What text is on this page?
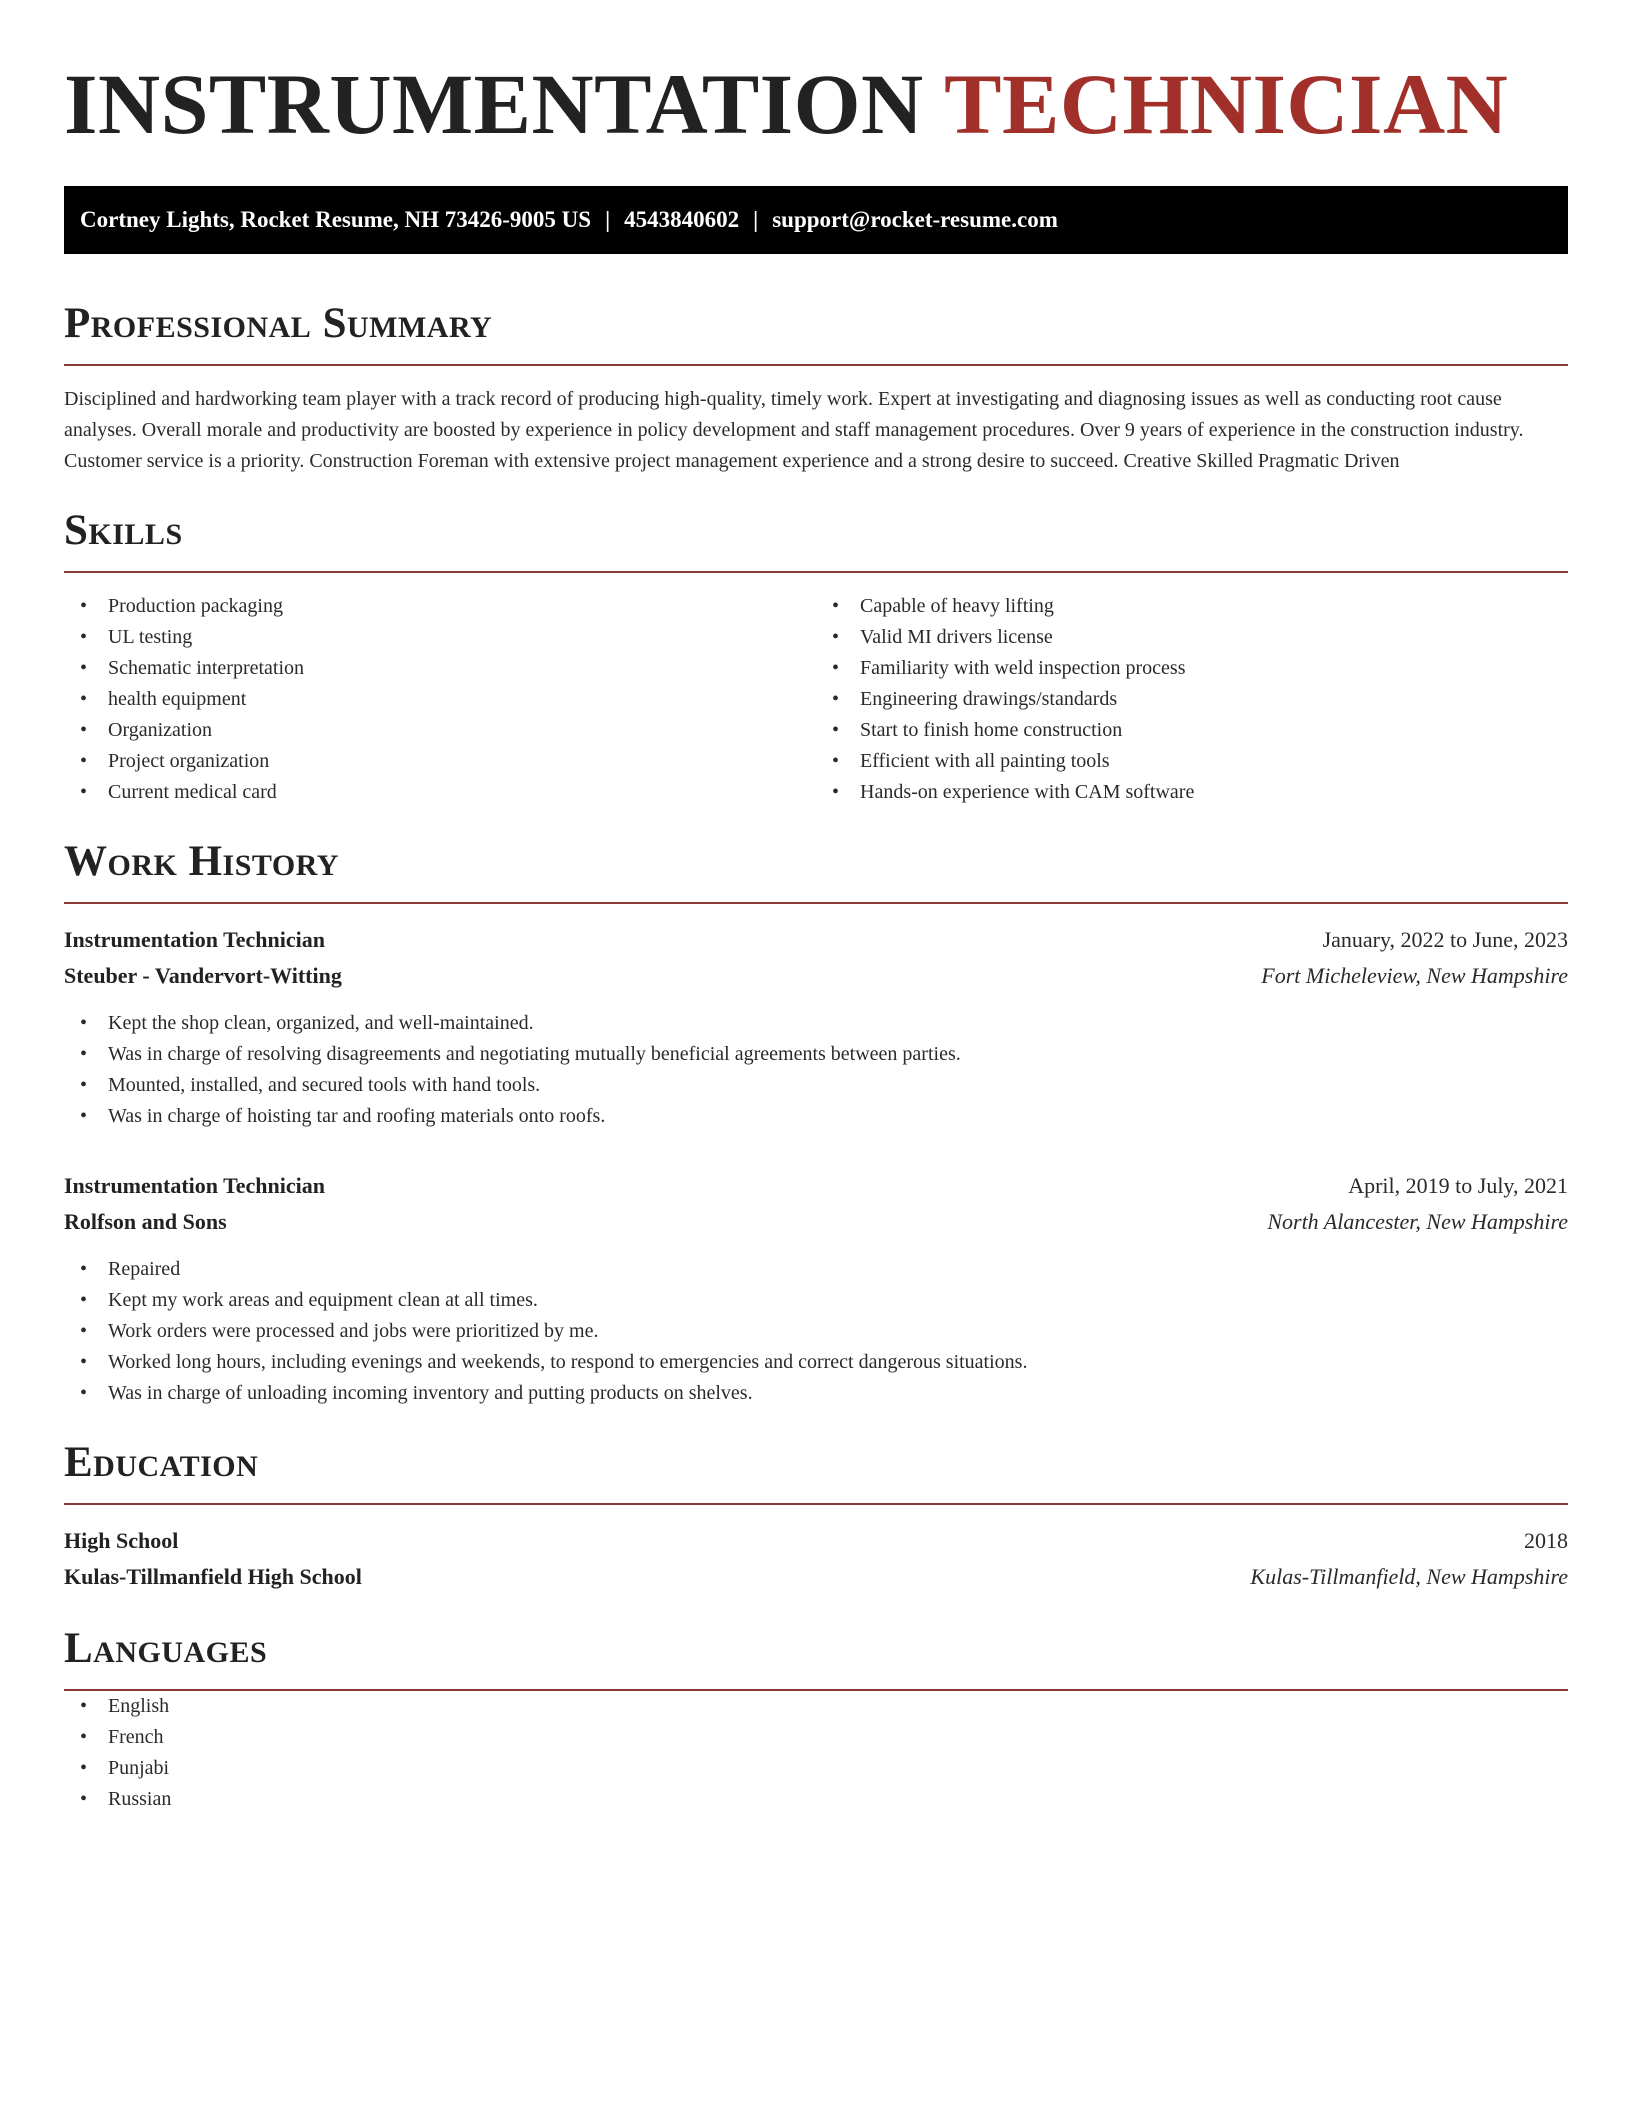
INSTRUMENTATION TECHNICIAN
Cortney Lights, Rocket Resume, NH 73426-9005 US | 4543840602 | support@rocket-resume.com
Professional Summary

Disciplined and hardworking team player with a track record of producing high-quality, timely work. Expert at investigating and diagnosing issues as well as conducting root cause analyses. Overall morale and productivity are boosted by experience in policy development and staff management procedures. Over 9 years of experience in the construction industry. Customer service is a priority. Construction Foreman with extensive project management experience and a strong desire to succeed. Creative Skilled Pragmatic Driven

Skills
• Production packaging
• UL testing
• Schematic interpretation
• health equipment
• Organization
• Project organization
• Current medical card
• Capable of heavy lifting
• Valid MI drivers license
• Familiarity with weld inspection process
• Engineering drawings/standards
• Start to finish home construction
• Efficient with all painting tools
• Hands-on experience with CAM software
Work History
Instrumentation Technician	January, 2022 to June, 2023
Steuber - Vandervort-Witting	Fort Micheleview, New Hampshire
• Kept the shop clean, organized, and well-maintained.
• Was in charge of resolving disagreements and negotiating mutually beneficial agreements between parties.
• Mounted, installed, and secured tools with hand tools.
• Was in charge of hoisting tar and roofing materials onto roofs.
Instrumentation Technician	April, 2019 to July, 2021
Rolfson and Sons	North Alancester, New Hampshire
• Repaired
• Kept my work areas and equipment clean at all times.
• Work orders were processed and jobs were prioritized by me.
• Worked long hours, including evenings and weekends, to respond to emergencies and correct dangerous situations.
• Was in charge of unloading incoming inventory and putting products on shelves.
Education
High School	2018
Kulas-Tillmanfield High School	Kulas-Tillmanfield, New Hampshire
Languages
• English
• French
• Punjabi
• Russian
